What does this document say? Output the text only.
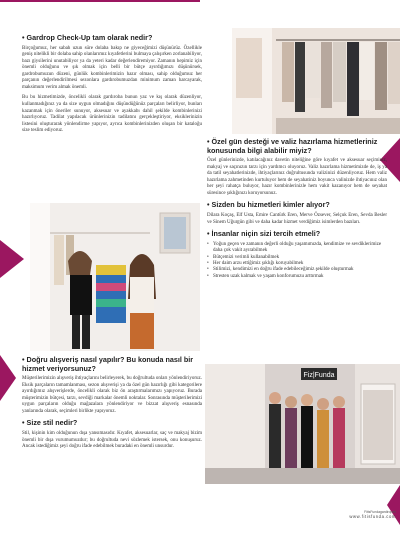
Fiz|Funda
• Gardrop Check-Up tam olarak nedir?

Birçoğumuz, her sabah uzun süre dolaba bakıp ne giyeceğimizi düşünürüz. Özellikle geniş nitelikli bir dolaba sahip olanlarımız kıyafetlerini bulmaya çalışırken zorlanabiliyor, bazı giysilerini unutabiliyor ya da yeteri kadar değerlendiremiyor. Zamanın hepimiz için önemli olduğunu ve şık olmak için belli bir bütçe ayırdığımızı düşünürsek, gardrobumuzun düzeni, günlük kombinlerimizin hazır olması, sahip olduğumuz her parçanın değerlendirilmesi sezonlara gardırobumuzdan minimum zaman harcayarak, maksimum verim almak önemli.

Bu bu hizmetimizde, öncelikli olarak gardıroba bunun yaz ve kış olarak düzenliyor, kullanmadığınız ya da size uygun olmadığını düşündüğünüz parçaları belirliyor, bunları kazanmak için öneriler sunuyor, aksesuar ve ayakkabı dahil şekilde kombinlerinizi hazırlıyoruz. Tadilat yapılacak ürünlerinizin tadilatını gerçekleştiriyor, eksiklerinizin listesini oluşturarak yönlendirme yapıyor, ayrıca kombinlerinizden oluşan bir kataloğu size teslim ediyoruz.

• Doğru alışveriş nasıl yapılır? Bu konuda nasıl bir hizmet veriyorsunuz?

Müşterilerimizin alışveriş ihtiyaçlarını belirleyerek, bu doğrultuda onları yönlendiriyoruz. Eksik parçaların tamamlanması, sezon alışverişi ya da özel gün hazırlığı gibi kategorilere ayırdığımız alışverişlerde, öncelikli olarak biz ön araştırmalarımızı yapıyoruz. Burada müşterimizin bütçesi, tarzı, sevdiği markalar önemli noktalar. Sonrasında müşterilerimizi uygun parçaların olduğu mağazalara yönlendiriyor ve bizzat alışveriş esnasında yanlarında olarak, seçimleri birlikte yapıyoruz.

• Size stil nedir?

Stil, kişinin kim olduğunun dışa yansımasıdır. Kıyafet, aksesuarlar, saç ve makyaj bizim önemli bir dışa vurumumuzdur; bu doğrultuda nevi sözlemek istersek, onu konuşuruz. Ancak istediğimiz şeyi doğru ifade edebilmek buradaki en önemli unsurdur.

• Özel gün desteği ve valiz hazırlama hizmetleriniz konusunda bilgi alabilir miyiz?

Özel günlerinizde, katılacağınız davetin niteliğine göre kıyafet ve aksesuar seçiminiz, makyaj ve saçınızın tarzı için yardımcı oluyoruz. Valiz hazırlama hizmetimizde de, iş ya da tatil seyahatlerinizde, ihtiyaçlarınız doğrultusunda valizinizi düzenliyoruz. Hem valiz hazırlama zahmetinden kurtuluyor hem de seyahatiniz boyunca valinizde ihtiyacınız olan her şeyi rahatça buluyor, hazır kombinlerinizle hem vakit kazanıyor hem de seyahat süresince şıklığınızı koruyorsunuz.

• Sizden bu hizmetleri kimler alıyor?

Dilara Koçaş, Elf Usta, Emire Cantürk Eren, Merve Özsever, Selçuk Eren, Sevda Besler ve Sinem Uğurgün gibi ve daha kadar hizmet verdiğimiz isimlerden bazıları.

• İnsanlar niçin sizi tercih etmeli?
• Yoğun geçen ve zamanın değerli olduğu yaşamımızda, kendimize ve sevdiklerimize daha çok vakit ayırabilmek
• Bütçemizi verimli kullanabilmek
• Her daim arzu ettiğimiz şıklığı koruyabilmek
• Stilimizi, kendimizi en doğru ifade edebileceğimiz şekilde oluşturmak
• Stresten uzak kalmak ve yaşam konforumuzu arttırmak
FitisFundagardiropeti
www.fitisfunda.com
